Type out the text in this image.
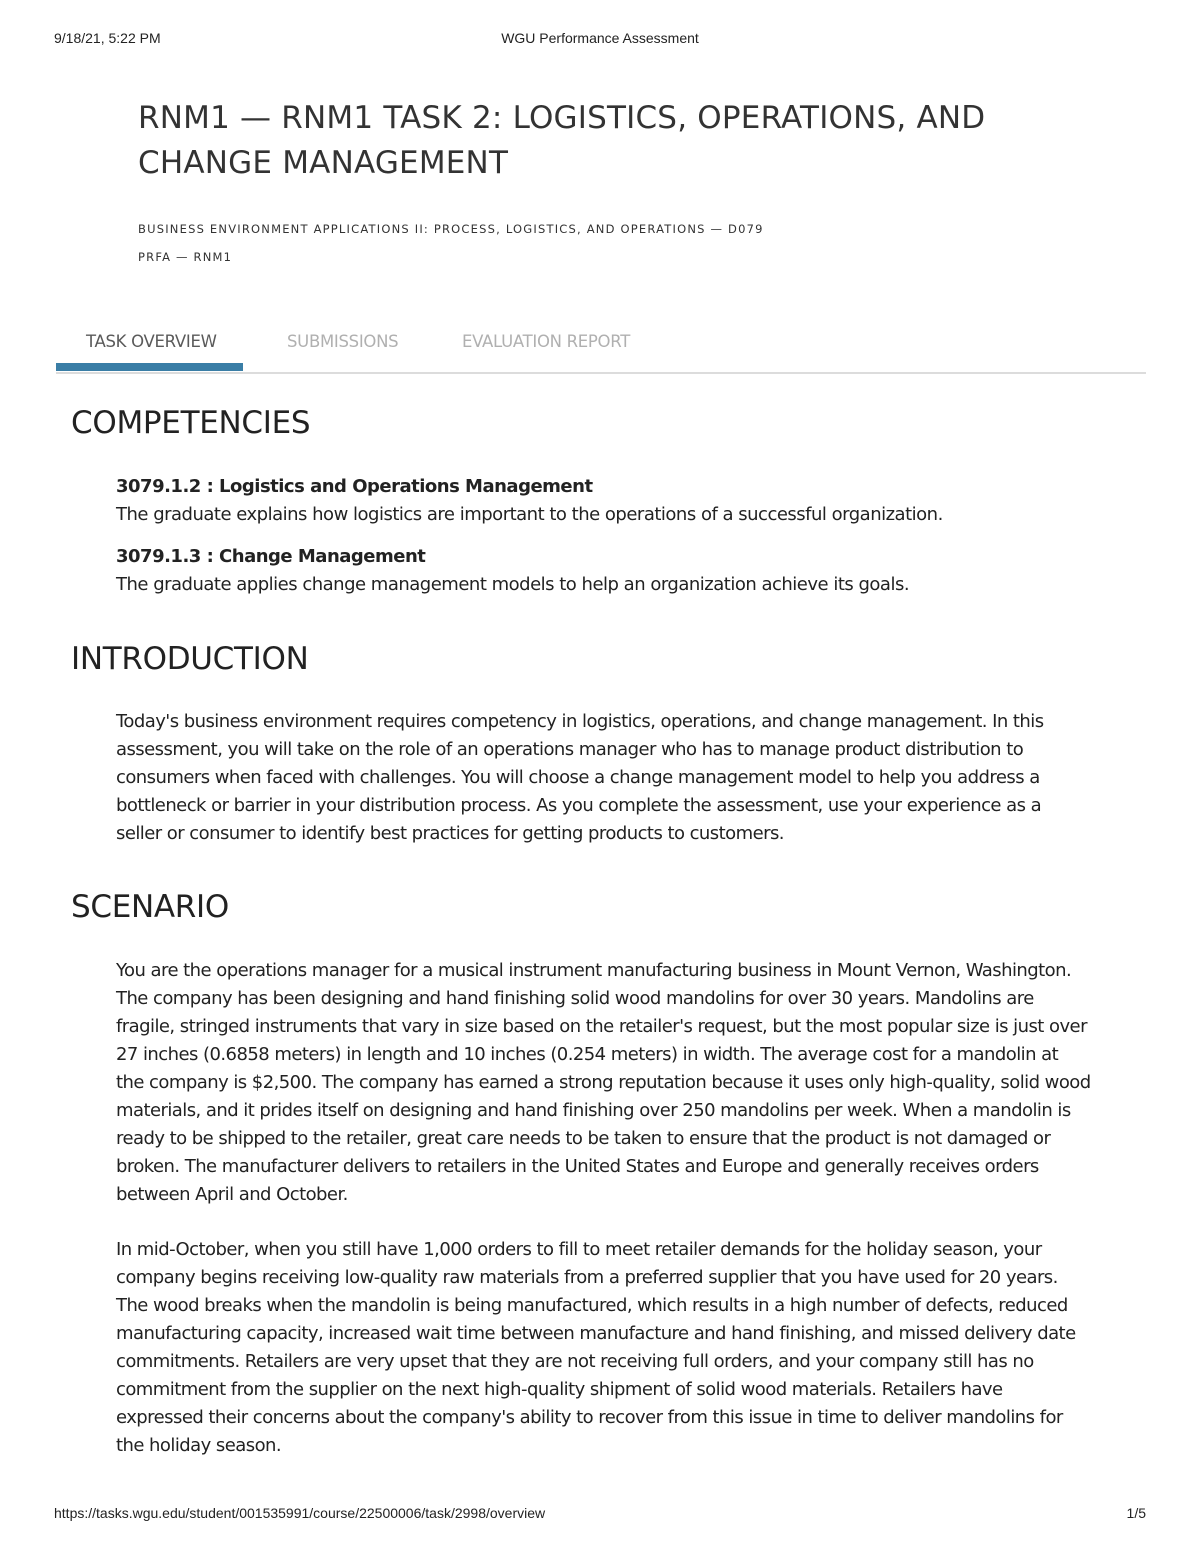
9/18/21, 5:22 PM	WGU Performance Assessment
RNM1 — RNM1 TASK 2: LOGISTICS, OPERATIONS, AND CHANGE MANAGEMENT
BUSINESS ENVIRONMENT APPLICATIONS II: PROCESS, LOGISTICS, AND OPERATIONS — D079
PRFA — RNM1
TASK OVERVIEW	SUBMISSIONS	EVALUATION REPORT
COMPETENCIES
3079.1.2 : Logistics and Operations Management
The graduate explains how logistics are important to the operations of a successful organization.
3079.1.3 : Change Management
The graduate applies change management models to help an organization achieve its goals.
INTRODUCTION

Today's business environment requires competency in logistics, operations, and change management. In this assessment, you will take on the role of an operations manager who has to manage product distribution to consumers when faced with challenges. You will choose a change management model to help you address a bottleneck or barrier in your distribution process. As you complete the assessment, use your experience as a seller or consumer to identify best practices for getting products to customers.

SCENARIO

You are the operations manager for a musical instrument manufacturing business in Mount Vernon, Washington. The company has been designing and hand finishing solid wood mandolins for over 30 years. Mandolins are fragile, stringed instruments that vary in size based on the retailer's request, but the most popular size is just over 27 inches (0.6858 meters) in length and 10 inches (0.254 meters) in width. The average cost for a mandolin at the company is $2,500. The company has earned a strong reputation because it uses only high-quality, solid wood materials, and it prides itself on designing and hand finishing over 250 mandolins per week. When a mandolin is ready to be shipped to the retailer, great care needs to be taken to ensure that the product is not damaged or broken. The manufacturer delivers to retailers in the United States and Europe and generally receives orders between April and October.

In mid-October, when you still have 1,000 orders to fill to meet retailer demands for the holiday season, your company begins receiving low-quality raw materials from a preferred supplier that you have used for 20 years. The wood breaks when the mandolin is being manufactured, which results in a high number of defects, reduced manufacturing capacity, increased wait time between manufacture and hand finishing, and missed delivery date commitments. Retailers are very upset that they are not receiving full orders, and your company still has no commitment from the supplier on the next high-quality shipment of solid wood materials. Retailers have expressed their concerns about the company's ability to recover from this issue in time to deliver mandolins for the holiday season.

https://tasks.wgu.edu/student/001535991/course/22500006/task/2998/overview	1/5
